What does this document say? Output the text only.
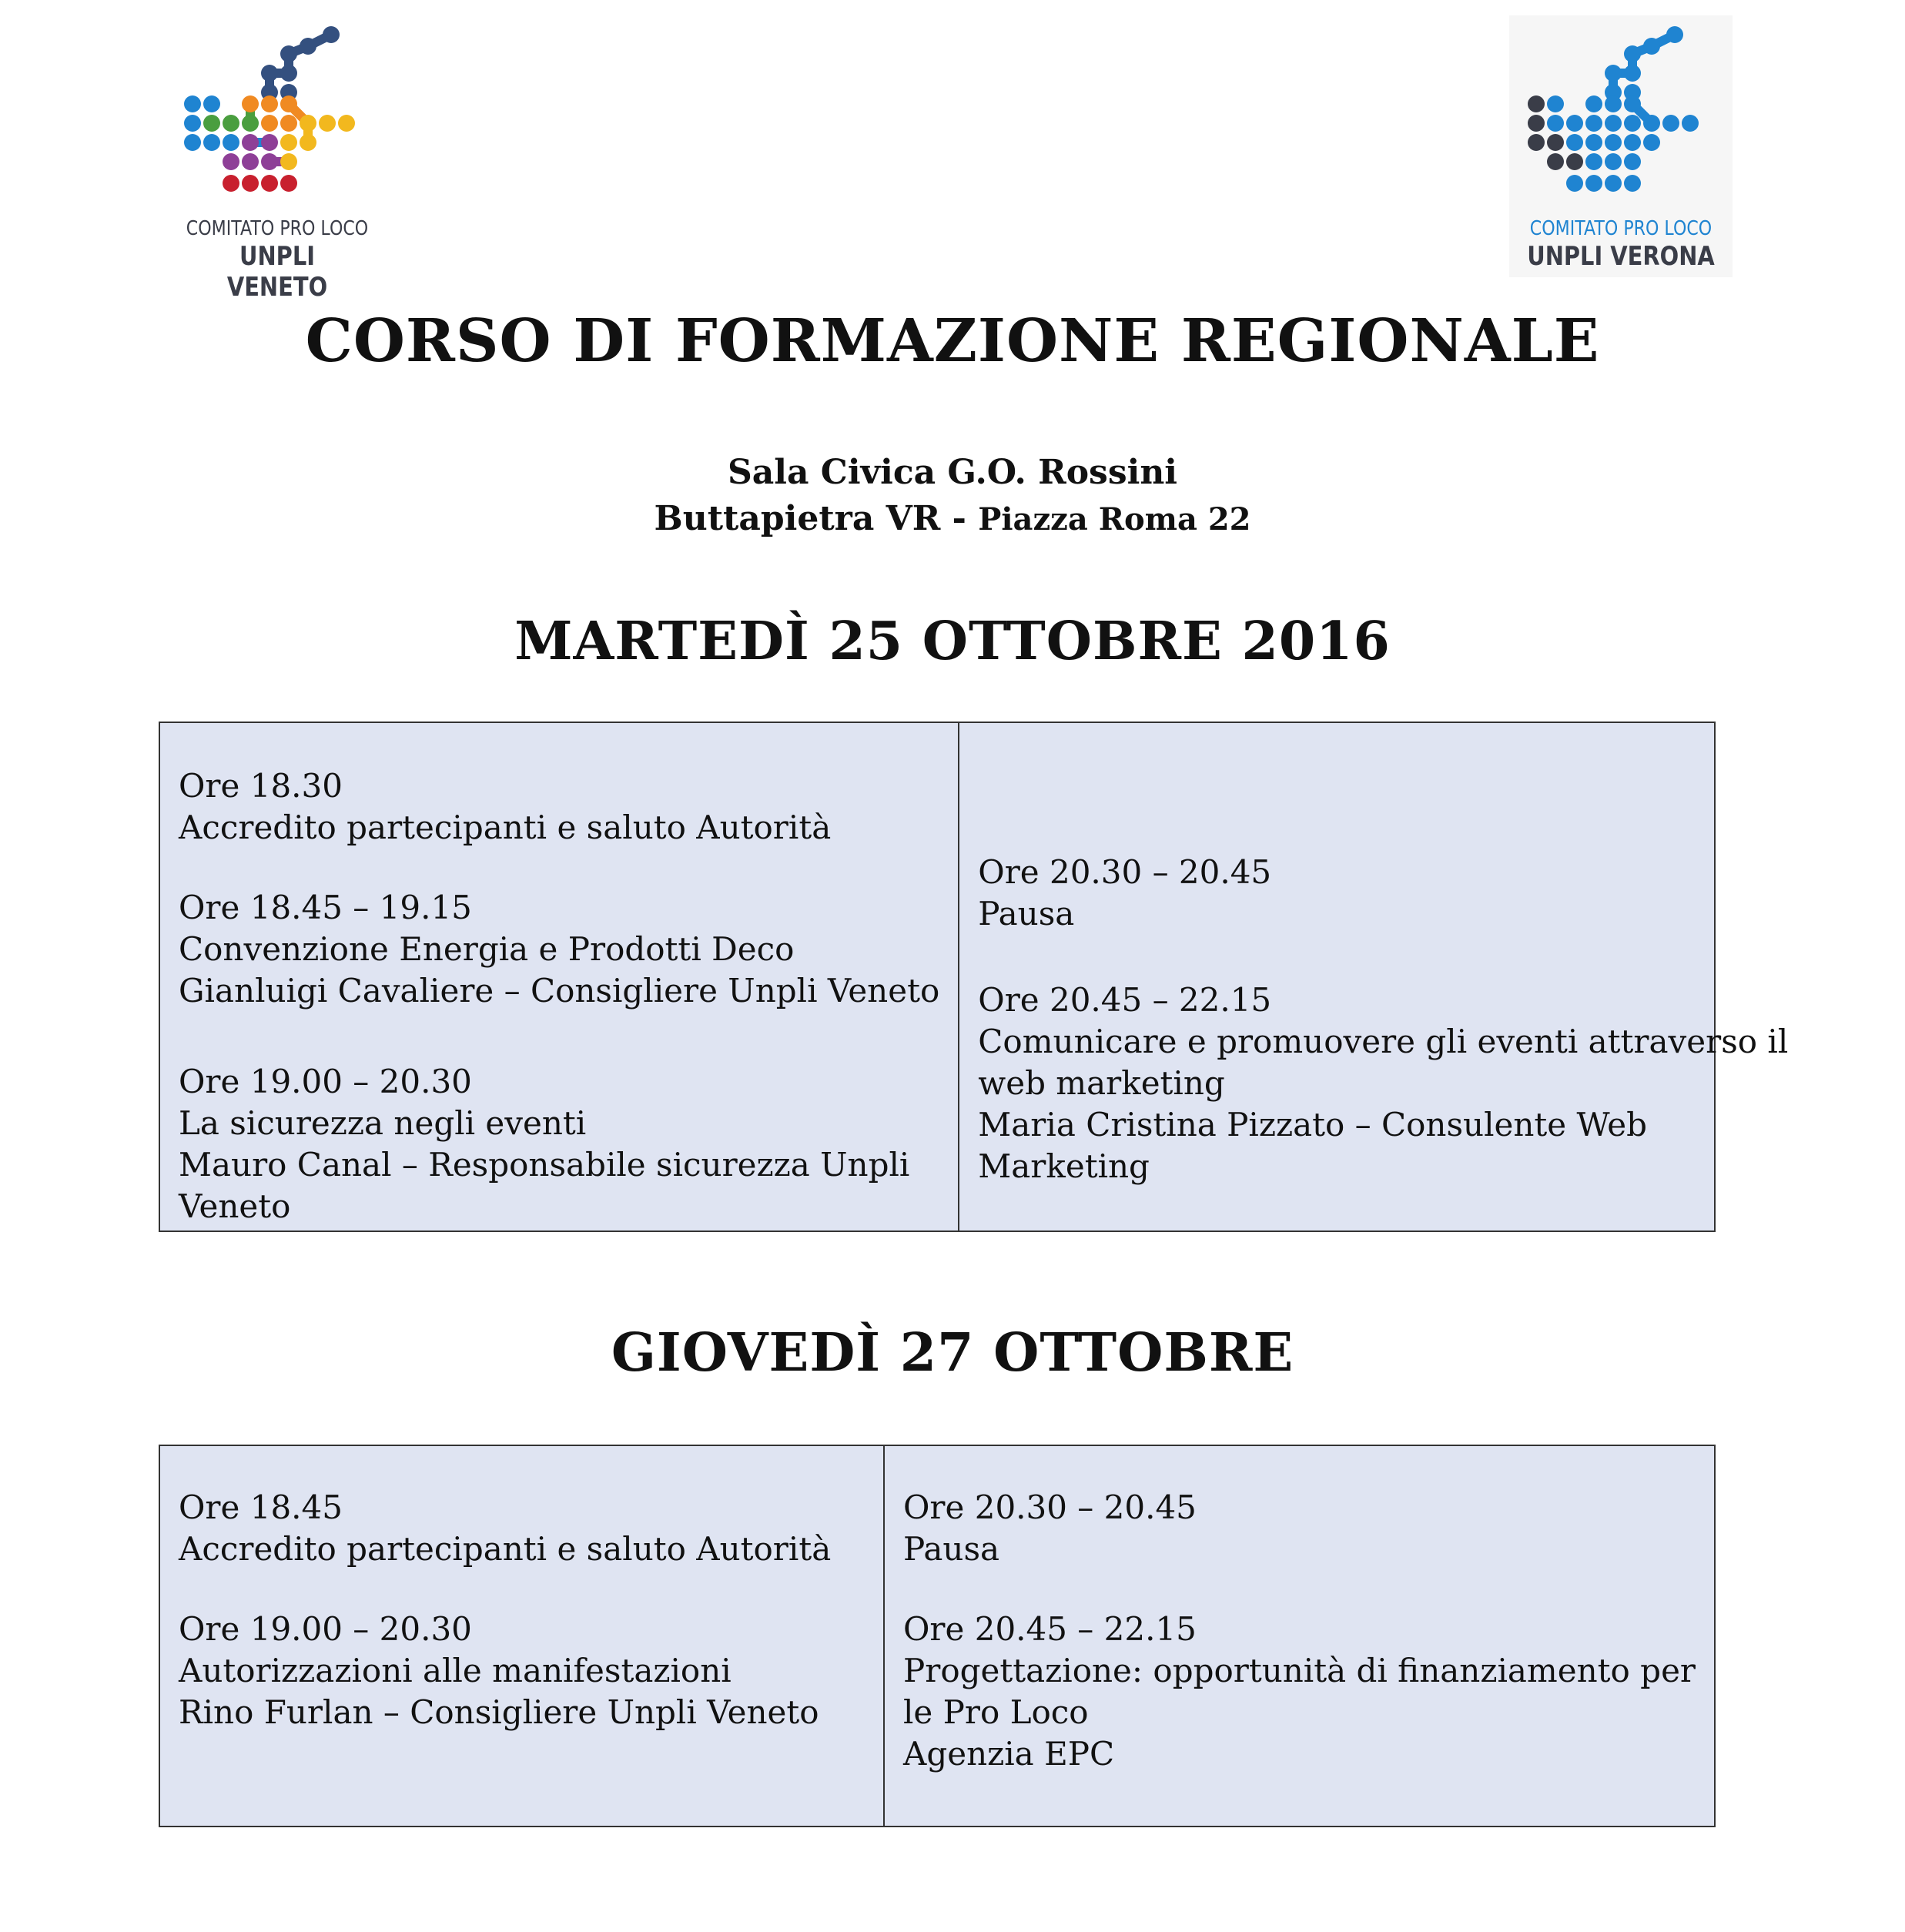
COMITATO PRO LOCO
UNPLI VENETO
COMITATO PRO LOCO
UNPLI VERONA
CORSO DI FORMAZIONE REGIONALE
Sala Civica G.O. Rossini
Buttapietra VR - Piazza Roma 22
MARTEDÌ 25 OTTOBRE 2016
Ore 18.30
Accredito partecipanti e saluto Autorità
Ore 18.45 – 19.15
Convenzione Energia e Prodotti Deco
Gianluigi Cavaliere – Consigliere Unpli Veneto
Ore 19.00 – 20.30
La sicurezza negli eventi
Mauro Canal – Responsabile sicurezza Unpli
Veneto
Ore 20.30 – 20.45
Pausa
Ore 20.45 – 22.15
Comunicare e promuovere gli eventi attraverso il
web marketing
Maria Cristina Pizzato – Consulente Web
Marketing
GIOVEDÌ 27 OTTOBRE
Ore 18.45
Accredito partecipanti e saluto Autorità
Ore 19.00 – 20.30
Autorizzazioni alle manifestazioni
Rino Furlan – Consigliere Unpli Veneto
Ore 20.30 – 20.45
Pausa
Ore 20.45 – 22.15
Progettazione: opportunità di finanziamento per
le Pro Loco
Agenzia EPC
